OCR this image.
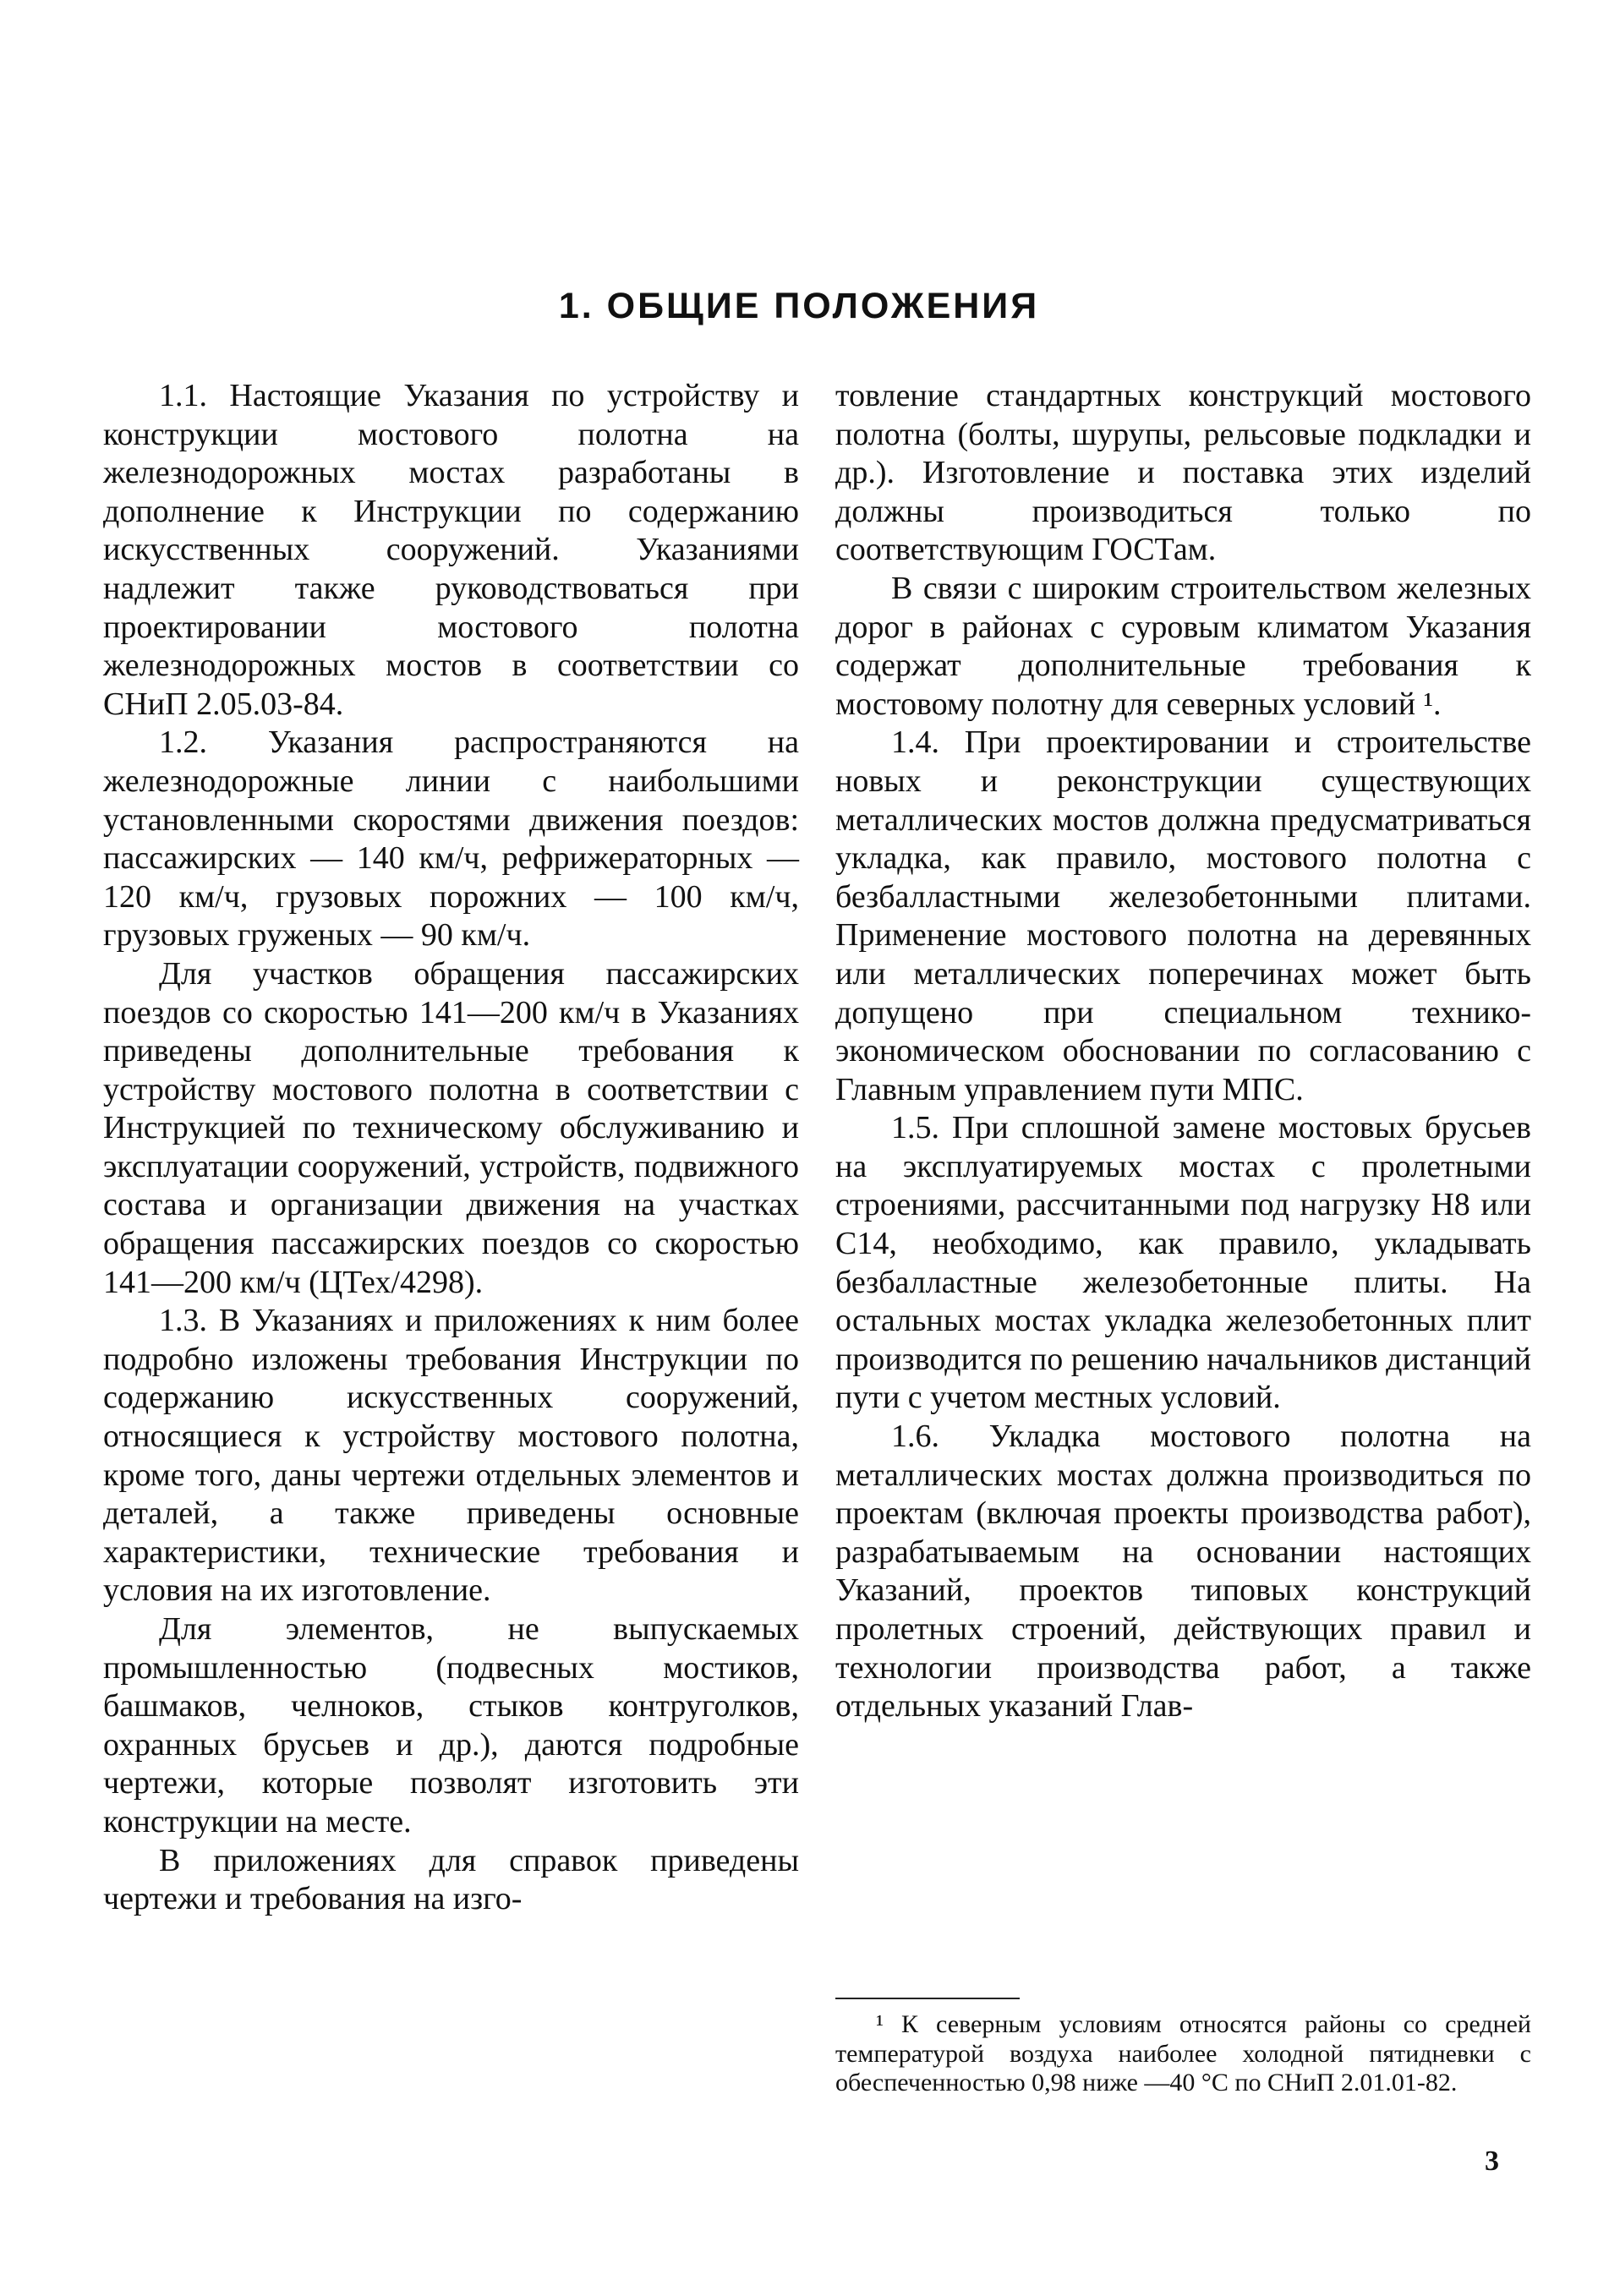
1. ОБЩИЕ ПОЛОЖЕНИЯ

1.1. Настоящие Указания по устройству и конструкции мостового полотна на железнодорожных мостах разработаны в дополнение к Инструкции по содержанию искусственных сооружений. Указаниями надлежит также руководствоваться при проектировании мостового полотна железнодорожных мостов в соответствии со СНиП 2.05.03-84.

1.2. Указания распространяются на железнодорожные линии с наибольшими установленными скоростями движения поездов: пассажирских — 140 км/ч, рефрижераторных — 120 км/ч, грузовых порожних — 100 км/ч, грузовых груженых — 90 км/ч.

Для участков обращения пассажирских поездов со скоростью 141—200 км/ч в Указаниях приведены дополнительные требования к устройству мостового полотна в соответствии с Инструкцией по техническому обслуживанию и эксплуатации сооружений, устройств, подвижного состава и организации движения на участках обращения пассажирских поездов со скоростью 141—200 км/ч (ЦТех/4298).

1.3. В Указаниях и приложениях к ним более подробно изложены требования Инструкции по содержанию искусственных сооружений, относящиеся к устройству мостового полотна, кроме того, даны чертежи отдельных элементов и деталей, а также приведены основные характеристики, технические требования и условия на их изготовление.

Для элементов, не выпускаемых промышленностью (подвесных мостиков, башмаков, челноков, стыков контруголков, охранных брусьев и др.), даются подробные чертежи, которые позволят изготовить эти конструкции на месте.

В приложениях для справок приведены чертежи и требования на изго-

товление стандартных конструкций мостового полотна (болты, шурупы, рельсовые подкладки и др.). Изготовление и поставка этих изделий должны производиться только по соответствующим ГОСТам.

В связи с широким строительством железных дорог в районах с суровым климатом Указания содержат дополнительные требования к мостовому полотну для северных условий ¹.

1.4. При проектировании и строительстве новых и реконструкции существующих металлических мостов должна предусматриваться укладка, как правило, мостового полотна с безбалластными железобетонными плитами. Применение мостового полотна на деревянных или металлических поперечинах может быть допущено при специальном технико-экономическом обосновании по согласованию с Главным управлением пути МПС.

1.5. При сплошной замене мостовых брусьев на эксплуатируемых мостах с пролетными строениями, рассчитанными под нагрузку Н8 или С14, необходимо, как правило, укладывать безбалластные железобетонные плиты. На остальных мостах укладка железобетонных плит производится по решению начальников дистанций пути с учетом местных условий.

1.6. Укладка мостового полотна на металлических мостах должна производиться по проектам (включая проекты производства работ), разрабатываемым на основании настоящих Указаний, проектов типовых конструкций пролетных строений, действующих правил и технологии производства работ, а также отдельных указаний Глав-

¹ К северным условиям относятся районы со средней температурой воздуха наиболее холодной пятидневки с обеспеченностью 0,98 ниже —40 °С по СНиП 2.01.01-82.

3
